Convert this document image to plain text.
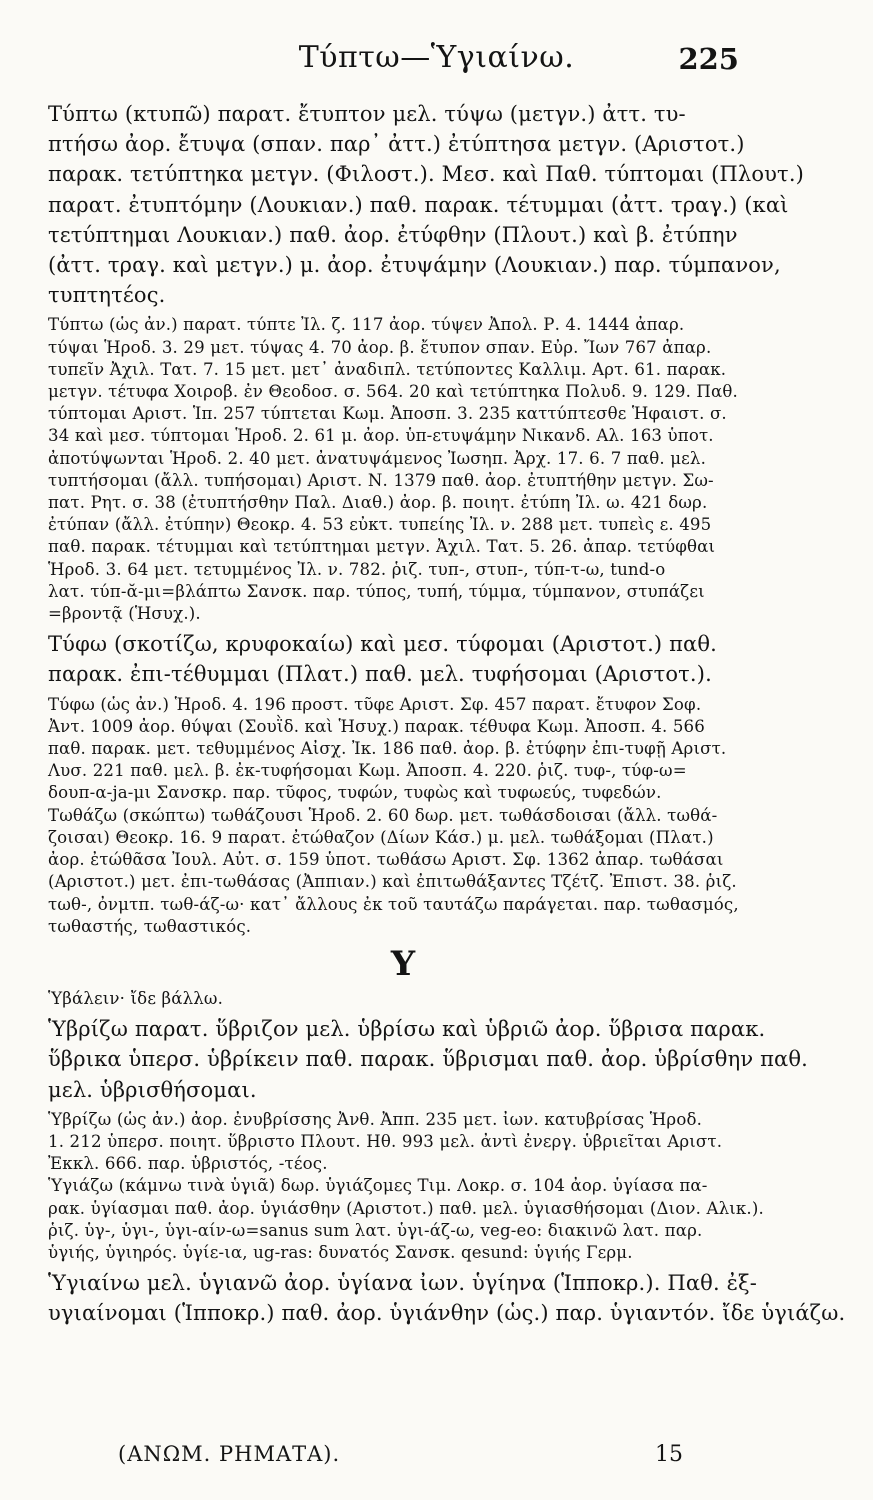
Τύπτω—Ὑγιαίνω.	225
Τύπτω (κτυπῶ) παρατ. ἔτυπτον μελ. τύψω (μετγν.) ἀττ. τυ-
πτήσω ἀορ. ἔτυψα (σπαν. παρ᾽ ἀττ.) ἐτύπτησα μετγν. (Αριστοτ.)
παρακ. τετύπτηκα μετγν. (Φιλοστ.). Μεσ. καὶ Παθ. τύπτομαι (Πλουτ.)
παρατ. ἐτυπτόμην (Λουκιαν.) παθ. παρακ. τέτυμμαι (ἀττ. τραγ.) (καὶ
τετύπτημαι Λουκιαν.) παθ. ἀορ. ἐτύφθην (Πλουτ.) καὶ β. ἐτύπην
(ἀττ. τραγ. καὶ μετγν.) μ. ἀορ. ἐτυψάμην (Λουκιαν.) παρ. τύμπανον,
τυπτητέος.
Τύπτω (ὡς ἀν.) παρατ. τύπτε Ἰλ. ζ. 117 ἀορ. τύψεν Ἀπολ. Ρ. 4. 1444 ἀπαρ.
τύψαι Ἡροδ. 3. 29 μετ. τύψας 4. 70 ἀορ. β. ἔτυπον σπαν. Εὐρ. Ἴων 767 ἀπαρ.
τυπεῖν Ἀχιλ. Τατ. 7. 15 μετ. μετ᾽ ἀναδιπλ. τετύποντες Καλλιμ. Αρτ. 61. παρακ.
μετγν. τέτυφα Χοιροβ. ἐν Θεοδοσ. σ. 564. 20 καὶ τετύπτηκα Πολυδ. 9. 129. Παθ.
τύπτομαι Αριστ. Ἱπ. 257 τύπτεται Κωμ. Ἀποσπ. 3. 235 καττύπτεσθε Ἡφαιστ. σ.
34 καὶ μεσ. τύπτομαι Ἡροδ. 2. 61 μ. ἀορ. ὑπ-ετυψάμην Νικανδ. Αλ. 163 ὑποτ.
ἀποτύψωνται Ἡροδ. 2. 40 μετ. ἀνατυψάμενος Ἰωσηπ. Ἀρχ. 17. 6. 7 παθ. μελ.
τυπτήσομαι (ἄλλ. τυπήσομαι) Αριστ. Ν. 1379 παθ. ἀορ. ἐτυπτήθην μετγν. Σω-
πατ. Ρητ. σ. 38 (ἐτυπτήσθην Παλ. Διαθ.) ἀορ. β. ποιητ. ἐτύπη Ἰλ. ω. 421 δωρ.
ἐτύπαν (ἄλλ. ἐτύπην) Θεοκρ. 4. 53 εὐκτ. τυπείης Ἰλ. ν. 288 μετ. τυπεὶς ε. 495
παθ. παρακ. τέτυμμαι καὶ τετύπτημαι μετγν. Ἀχιλ. Τατ. 5. 26. ἀπαρ. τετύφθαι
Ἡροδ. 3. 64 μετ. τετυμμένος Ἰλ. ν. 782. ῥιζ. τυπ-, στυπ-, τύπ-τ-ω, tund-o
λατ. τύπ-ᾰ-μι=βλάπτω Σανσκ. παρ. τύπος, τυπή, τύμμα, τύμπανον, στυπάζει
=βροντᾷ (Ἡσυχ.).
Τύφω (σκοτίζω, κρυφοκαίω) καὶ μεσ. τύφομαι (Αριστοτ.) παθ.
παρακ. ἐπι-τέθυμμαι (Πλατ.) παθ. μελ. τυφήσομαι (Αριστοτ.).
Τύφω (ὡς ἀν.) Ἡροδ. 4. 196 προστ. τῦφε Αριστ. Σφ. 457 παρατ. ἔτυφον Σοφ.
Ἀντ. 1009 ἀορ. θύψαι (Σουῒδ. καὶ Ἡσυχ.) παρακ. τέθυφα Κωμ. Ἀποσπ. 4. 566
παθ. παρακ. μετ. τεθυμμένος Αἰσχ. Ἰκ. 186 παθ. ἀορ. β. ἐτύφην ἐπι-τυφῇ Αριστ.
Λυσ. 221 παθ. μελ. β. ἐκ-τυφήσομαι Κωμ. Ἀποσπ. 4. 220. ῥιζ. τυφ-, τύφ-ω=
δουπ-α-ja-μι Σανσκρ. παρ. τῦφος, τυφών, τυφὼς καὶ τυφωεύς, τυφεδών.
Τωθάζω (σκώπτω) τωθάζουσι Ἡροδ. 2. 60 δωρ. μετ. τωθάσδοισαι (ἄλλ. τωθά-
ζοισαι) Θεοκρ. 16. 9 παρατ. ἐτώθαζον (Δίων Κάσ.) μ. μελ. τωθάξομαι (Πλατ.)
ἀορ. ἐτώθᾶσα Ἰουλ. Αὐτ. σ. 159 ὑποτ. τωθάσω Αριστ. Σφ. 1362 ἀπαρ. τωθάσαι
(Αριστοτ.) μετ. ἐπι-τωθάσας (Ἀππιαν.) καὶ ἐπιτωθάξαντες Τζέτζ. Ἐπιστ. 38. ῥιζ.
τωθ-, ὀνμτπ. τωθ-άζ-ω· κατ᾽ ἄλλους ἐκ τοῦ ταυτάζω παράγεται. παρ. τωθασμός,
τωθαστής, τωθαστικός.
Υ
Ὑβάλειν· ἴδε βάλλω.
Ὑβρίζω παρατ. ὕβριζον μελ. ὑβρίσω καὶ ὑβριῶ ἀορ. ὕβρισα παρακ.
ὕβρικα ὑπερσ. ὑβρίκειν παθ. παρακ. ὕβρισμαι παθ. ἀορ. ὑβρίσθην παθ.
μελ. ὑβρισθήσομαι.
Ὑβρίζω (ὡς ἀν.) ἀορ. ἐνυβρίσσης Ἀνθ. Ἀππ. 235 μετ. ἰων. κατυβρίσας Ἡροδ.
1. 212 ὑπερσ. ποιητ. ὕβριστο Πλουτ. Ηθ. 993 μελ. ἀντὶ ἐνεργ. ὑβριεῖται Αριστ.
Ἐκκλ. 666. παρ. ὑβριστός, -τέος.
Ὑγιάζω (κάμνω τινὰ ὑγιᾶ) δωρ. ὑγιάζομες Τιμ. Λοκρ. σ. 104 ἀορ. ὑγίασα πα-
ρακ. ὑγίασμαι παθ. ἀορ. ὑγιάσθην (Αριστοτ.) παθ. μελ. ὑγιασθήσομαι (Διον. Αλικ.).
ῥιζ. ὑγ-, ὑγι-, ὑγι-αίν-ω=sanus sum λατ. ὑγι-άζ-ω, veg-eo: διακινῶ λατ. παρ.
ὑγιής, ὑγιηρός. ὑγίε-ια, ug-ras: δυνατός Σανσκ. qesund: ὑγιής Γερμ.
Ὑγιαίνω μελ. ὑγιανῶ ἀορ. ὑγίανα ἰων. ὑγίηνα (Ἱπποκρ.). Παθ. ἐξ-
υγιαίνομαι (Ἱπποκρ.) παθ. ἀορ. ὑγιάνθην (ὡς.) παρ. ὑγιαντόν. ἴδε ὑγιάζω.
(ΑΝΩΜ. ΡΗΜΑΤΑ).	15
